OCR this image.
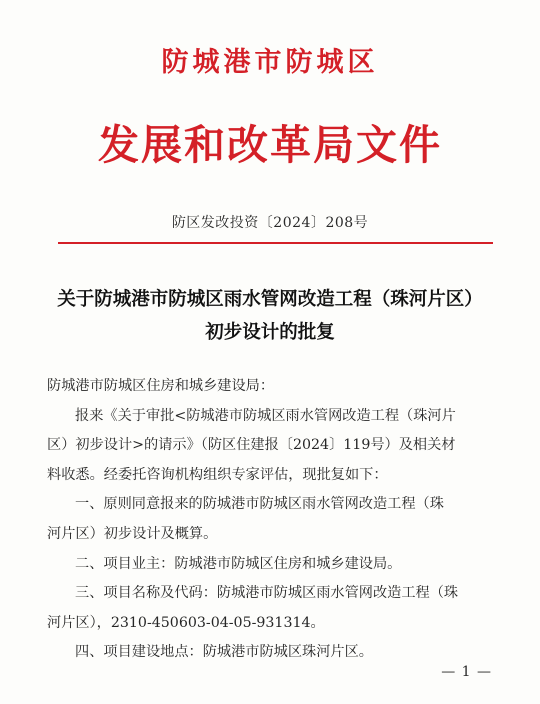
防城港市防城区
发展和改革局文件
防区发改投资〔2024〕208号
关于防城港市防城区雨水管网改造工程（珠河片区）
初步设计的批复

防城港市防城区住房和城乡建设局：

报来《关于审批<防城港市防城区雨水管网改造工程（珠河片

区）初步设计>的请示》（防区住建报〔2024〕119号）及相关材

料收悉。经委托咨询机构组织专家评估，现批复如下：

一、原则同意报来的防城港市防城区雨水管网改造工程（珠

河片区）初步设计及概算。

二、项目业主：防城港市防城区住房和城乡建设局。

三、项目名称及代码：防城港市防城区雨水管网改造工程（珠

河片区），2310-450603-04-05-931314。

四、项目建设地点：防城港市防城区珠河片区。

— 1 —
